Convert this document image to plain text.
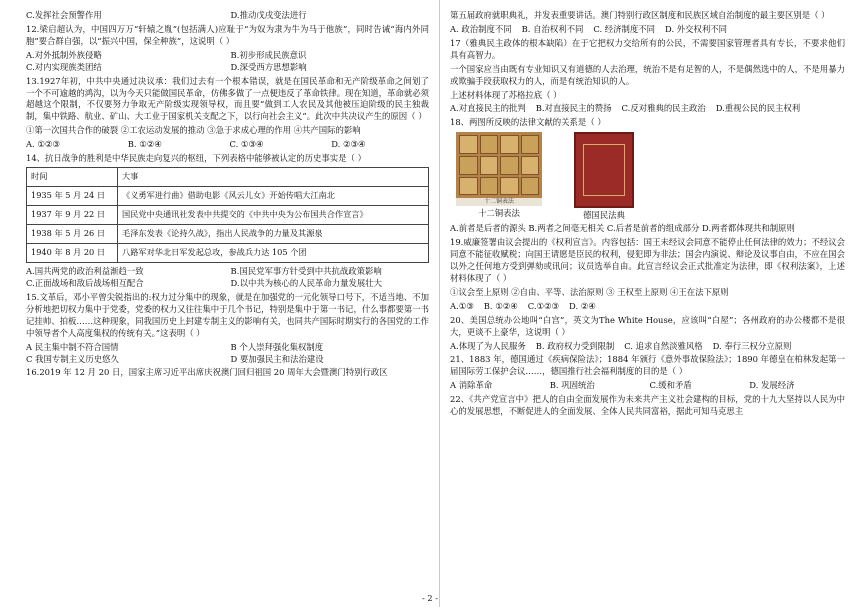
C.发挥社会预警作用	D.推动戊戌变法进行

12.梁启超认为，中国四万万“轩辕之胤”(包括满人)应耻于“为奴为隶为牛为马于他族”，同时告诫“海内外同胞”要合群自强，以“振兴中国，保全种族”，这说明（ ）

A.对外抵制外族侵略	B.初步形成民族意识
C.对内实现族类团结	D.深受西方思想影响

13.1927年初，中共中央通过决议承：我们过去有一个根本错误，就是在国民革命和无产阶级革命之间划了一个不可逾越的鸿沟，以为今天只能做国民革命，仿佛多做了一点便违反了革命铁律。现在知道，革命就必须超越这个限制，不仅要努力争取无产阶级实现领导权，而且要“做到工人农民及其他被压迫阶级的民主独裁制，集中铁路、航业、矿山、大工业于国家机关支配之下，以行向社会主义”。此次中共决议产生的原因（ ）

①第一次国共合作的破裂 ②工农运动发展的推动 ③急于求成心理的作用 ④共产国际的影响

A. ①②③	B. ①②④	C. ①③④	D. ②③④

14、抗日战争的胜利是中华民族走向复兴的枢纽，下列表格中能够被认定的历史事实是（ ）

时间	大事
1935 年 5 月 24 日	《义勇军进行曲》借助电影《风云儿女》开始传唱大江南北
1937 年 9 月 22 日	国民党中央通讯社发表中共提交的《中共中央为公布国共合作宣言》
1938 年 5 月 26 日	毛泽东发表《论持久战》，指出人民战争的力量及其源泉
1940 年 8 月 20 日	八路军对华北日军发起总攻，参战兵力达 105 个团
A.国共两党的政治利益渐趋一致	B.国民党军事方针受到中共抗战政策影响
C.正面战场和敌后战场相互配合	D.以中共为核心的人民革命力量发展壮大

15.文革后，邓小平曾尖锐指出的:权力过分集中的现象，就是在加强党的一元化领导口号下，不适当地、不加分析地把切权力集中于党委，党委的权力又往往集中于几个书记，特别是集中于第一书记，什么事都要第一书记挂帅、拍板……这种现象，同我国历史上封建专制主义的影响有关，也同共产国际时期实行的各国党的工作中领导者个人高度集权的传统有关。”这表明（ ）

A 民主集中制不符合国情	B 个人崇拜强化集权制度
C 我国专制主义历史悠久	D 要加强民主和法治建设

16.2019 年 12 月 20 日，国家主席习近平出席庆祝澳门回归祖国 20 周年大会暨澳门特别行政区

第五届政府就职典礼，并发表重要讲话。澳门特别行政区制度和民族区域自治制度的最主要区别是（ ）

A. 政治制度不同 B. 自治权利不同 C. 经济制度不同 D. 外交权利不同

17（雅典民主政体的根本缺陷）在于它把权力交给所有的公民，不需要国家管理者具有专长，不要求他们具有高智力。

一个国家应当由既有专业知识又有道德的人去治理，统治不是有足智的人，不是偶然选中的人，不是用暴力或欺骗手段获取权力的人，而是有统治知识的人。

上述材料体现了苏格拉底（ ）

A.对直接民主的批判 B.对直接民主的赞扬 C.反对雅典的民主政治 D.重视公民的民主权利

18、两图所反映的法律文献的关系是（ ）

十二铜表法
十二铜表法	德国民法典

A.前者是后者的源头 B.两者之间毫无相关 C.后者是前者的组成部分 D.两者都体现共和制原则

19.威廉签署由议会提出的《权利宣言》。内容包括：国王未经议会同意不能停止任何法律的效力；不经议会同意不能征收赋税；向国王请愿是臣民的权利，侵犯即为非法；国会内演说、辩论及议事自由，不应在国会以外之任何地方受到弹劾或讯问；议员选举自由。此宣言经议会正式批准定为法律，即《权利法案》，上述材料体现了（ ）

①议会至上原则 ②自由、平等、法治原则 ③ 王权至上原则 ④王在法下原则

A.①③ B. ①②④ C.①②③ D. ②④

20、美国总统办公地叫“白宫”，英文为The White House，应该叫“白屋”；各州政府的办公楼都不是很大，更谈不上豪华，这说明（ ）

A.体现了为人民服务 B. 政府权力受到限制 C. 追求自然淡雅风格 D. 奉行三权分立原则

21、1883 年，德国通过《疾病保险法》；1884 年颁行《意外事故保险法》；1890 年德皇在柏林发起第一届国际劳工保护会议……，德国推行社会福利制度的目的是（ ）

A 消除革命	B. 巩固统治	C.缓和矛盾	D. 发展经济

22、《共产党宣言中》把人的自由全面发展作为未来共产主义社会建构的目标，党的十九大坚持以人民为中心的发展思想，不断促进人的全面发展、全体人民共同富裕，据此可知马克思主

- 2 -
